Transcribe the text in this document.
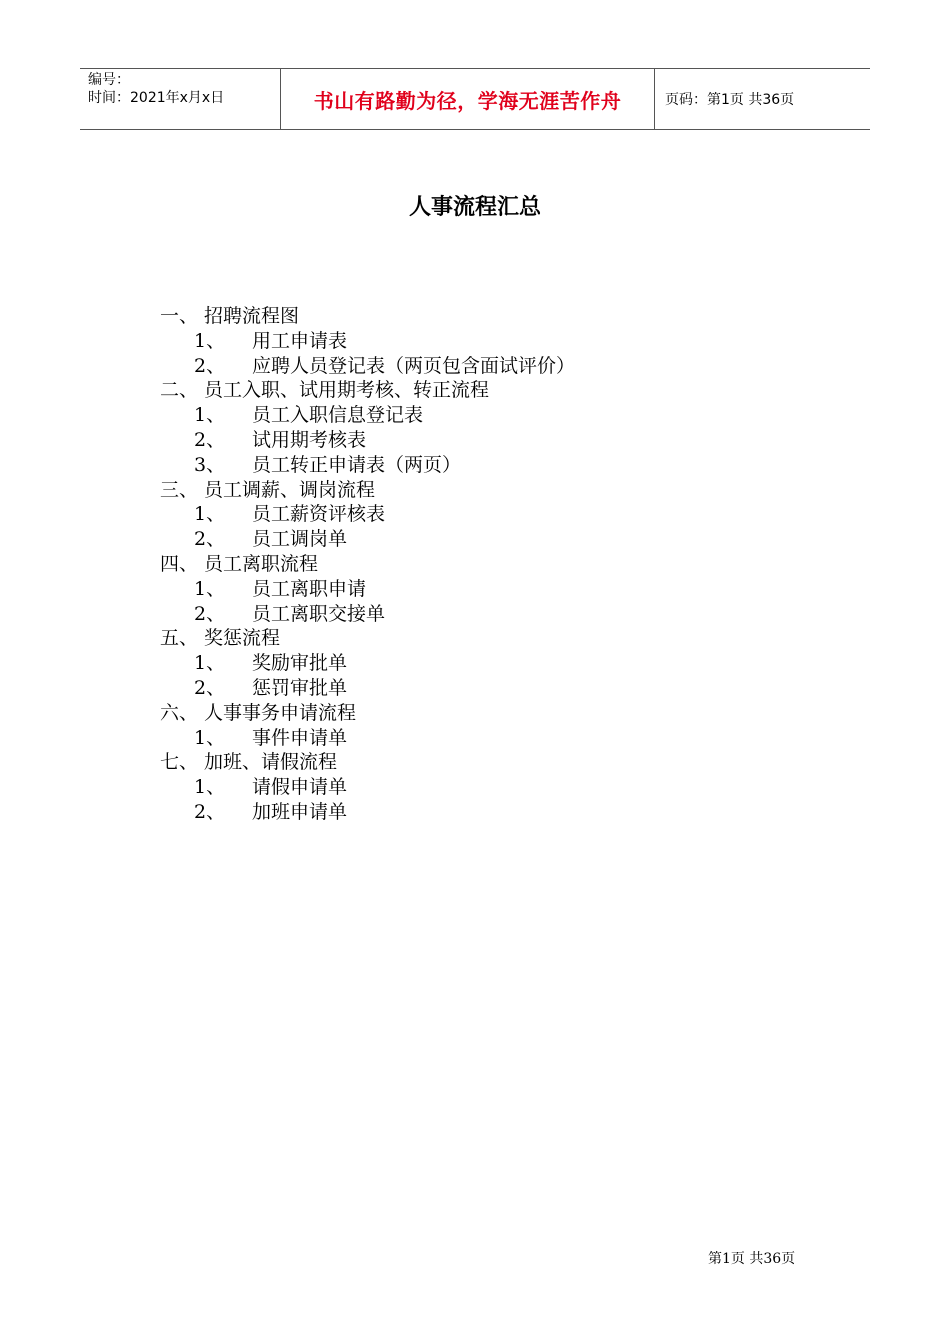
编号：
时间：2021年x月x日	书山有路勤为径，学海无涯苦作舟	页码：第1页 共36页
人事流程汇总
一、 招聘流程图
1、	用工申请表
2、	应聘人员登记表（两页包含面试评价）
二、 员工入职、试用期考核、转正流程
1、	员工入职信息登记表
2、	试用期考核表
3、	员工转正申请表（两页）
三、 员工调薪、调岗流程
1、	员工薪资评核表
2、	员工调岗单
四、 员工离职流程
1、	员工离职申请
2、	员工离职交接单
五、 奖惩流程
1、	奖励审批单
2、	惩罚审批单
六、 人事事务申请流程
1、	事件申请单
七、 加班、请假流程
1、	请假申请单
2、	加班申请单
第1页 共36页
